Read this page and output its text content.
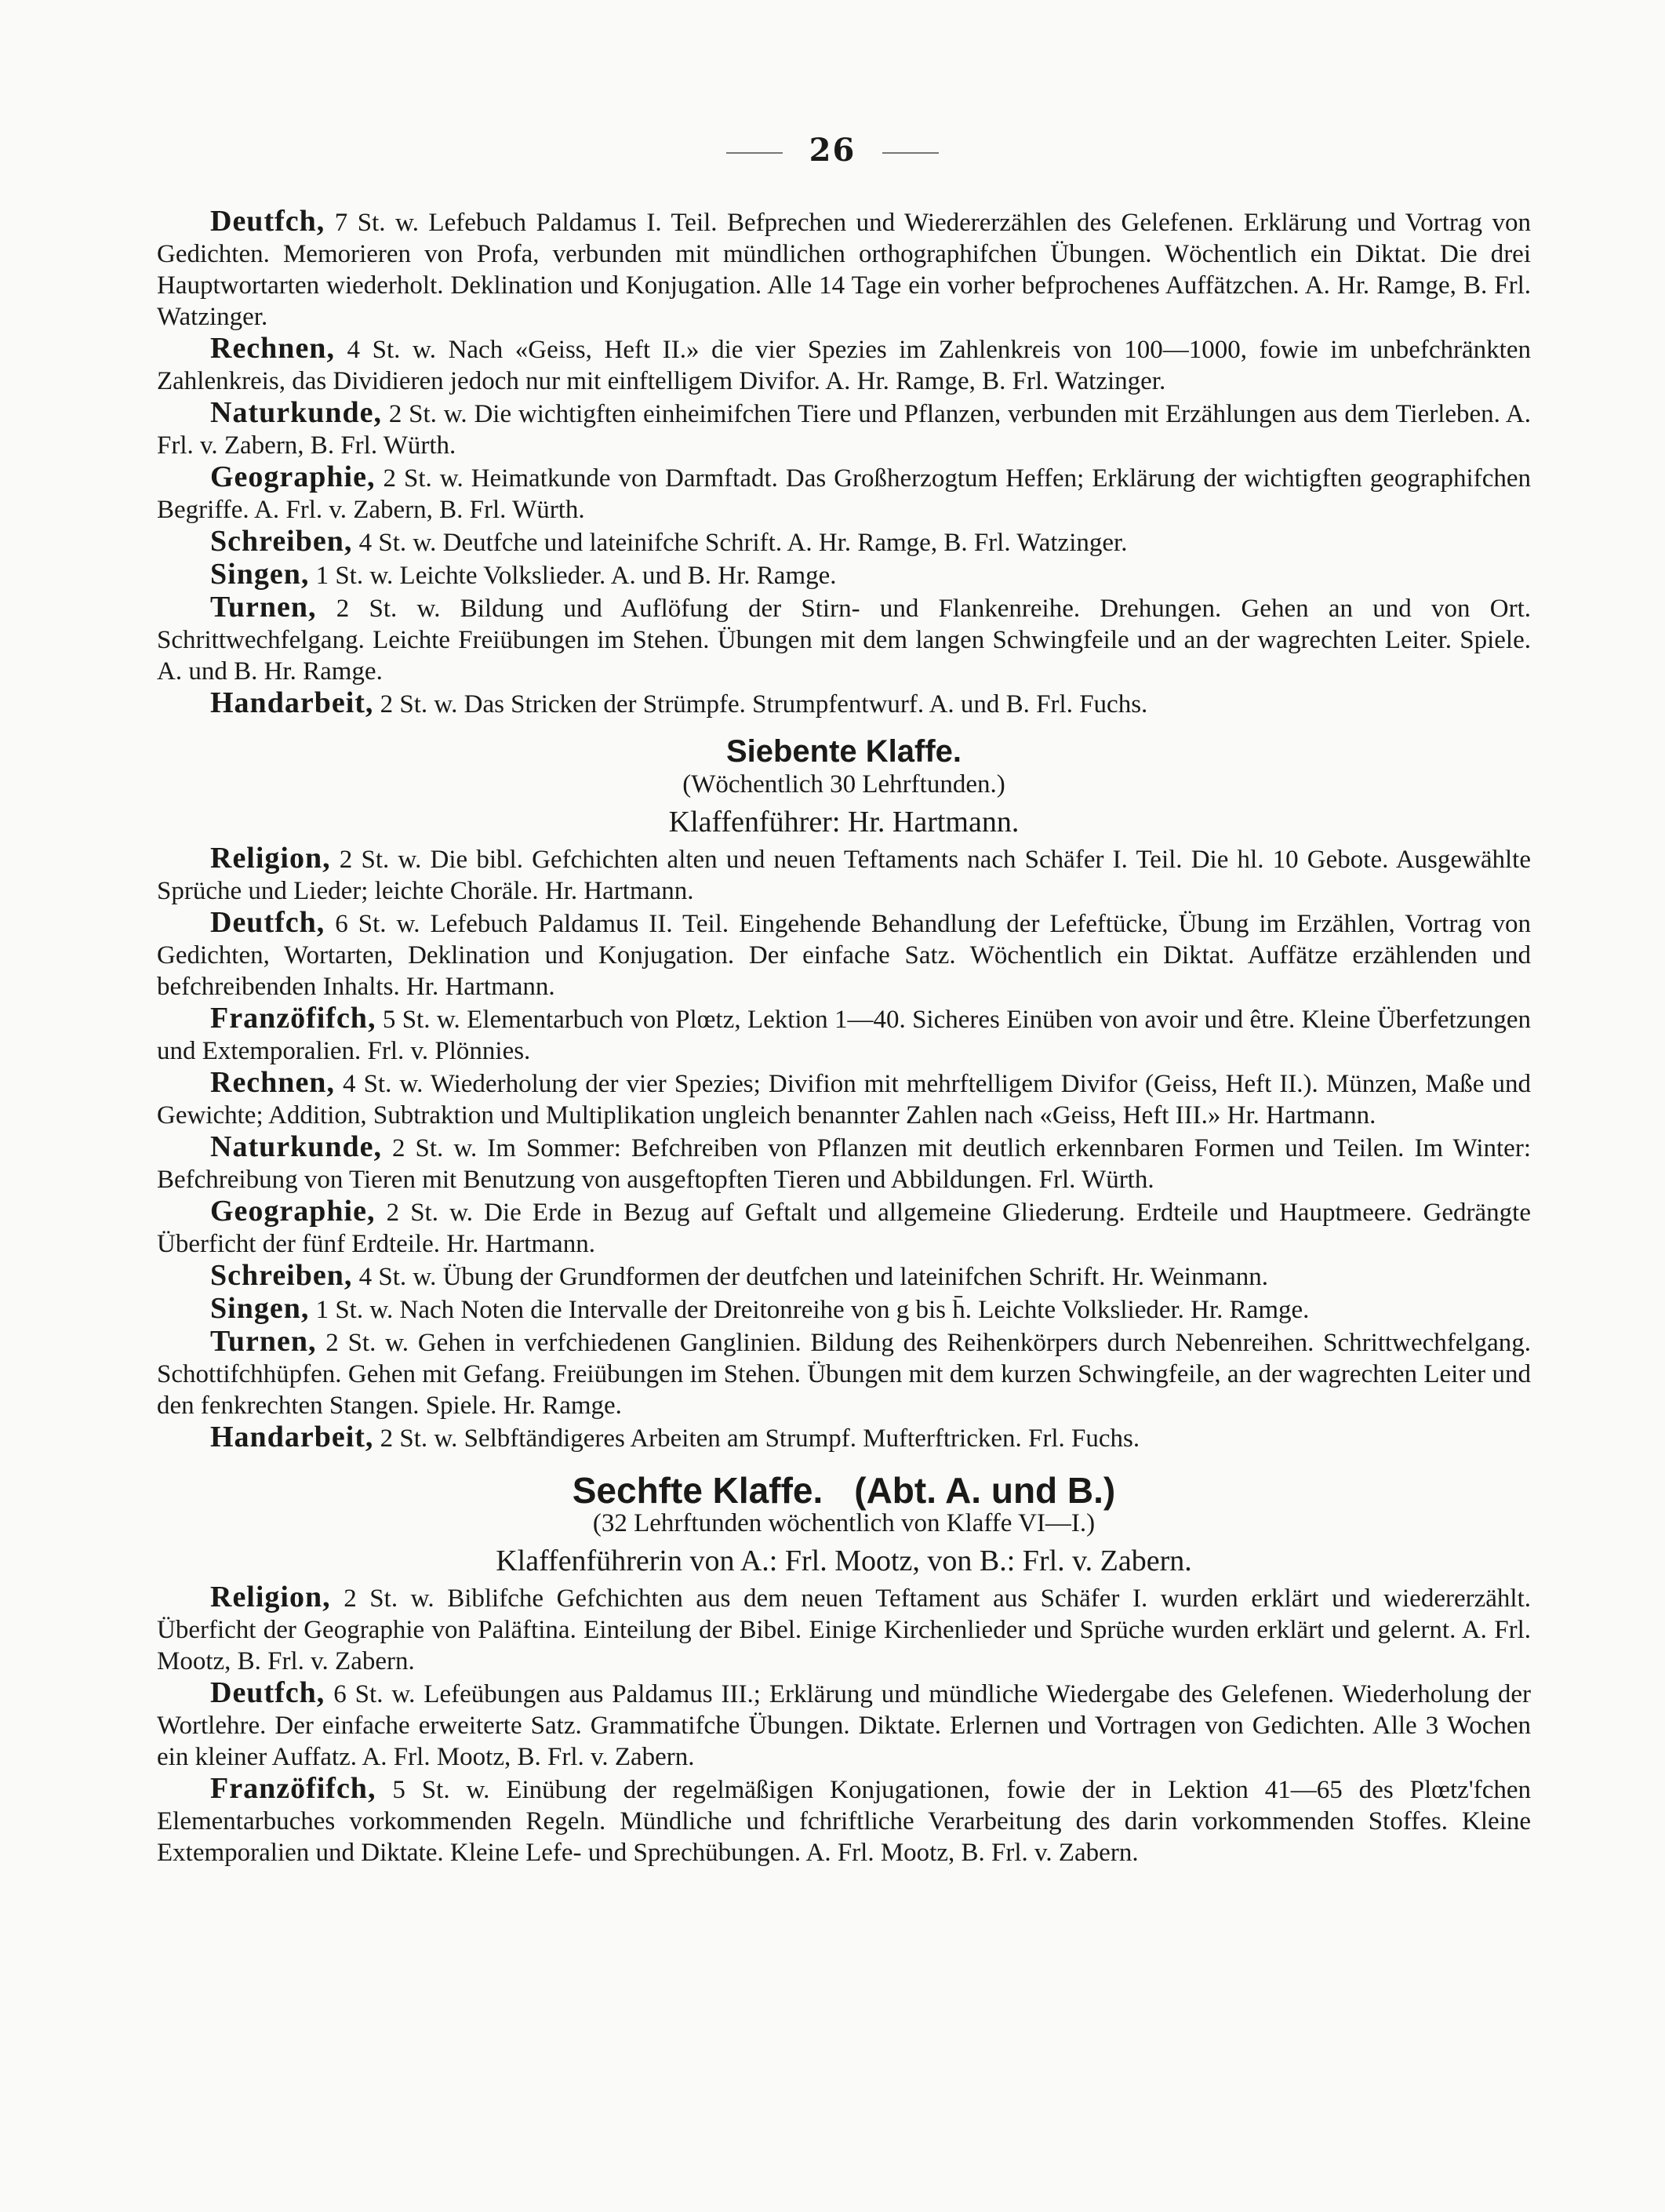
26

Deutfch, 7 St. w. Lefebuch Paldamus I. Teil. Befprechen und Wiedererzählen des Gelefenen. Erklärung und Vortrag von Gedichten. Memorieren von Profa, verbunden mit mündlichen orthographifchen Übungen. Wöchentlich ein Diktat. Die drei Hauptwortarten wiederholt. Deklination und Konjugation. Alle 14 Tage ein vorher befprochenes Auffätzchen. A. Hr. Ramge, B. Frl. Watzinger.

Rechnen, 4 St. w. Nach «Geiss, Heft II.» die vier Spezies im Zahlenkreis von 100—1000, fowie im unbefchränkten Zahlenkreis, das Dividieren jedoch nur mit einftelligem Divifor. A. Hr. Ramge, B. Frl. Watzinger.

Naturkunde, 2 St. w. Die wichtigften einheimifchen Tiere und Pflanzen, verbunden mit Erzählungen aus dem Tierleben. A. Frl. v. Zabern, B. Frl. Würth.

Geographie, 2 St. w. Heimatkunde von Darmftadt. Das Großherzogtum Heffen; Erklärung der wichtigften geographifchen Begriffe. A. Frl. v. Zabern, B. Frl. Würth.

Schreiben, 4 St. w. Deutfche und lateinifche Schrift. A. Hr. Ramge, B. Frl. Watzinger.

Singen, 1 St. w. Leichte Volkslieder. A. und B. Hr. Ramge.

Turnen, 2 St. w. Bildung und Auflöfung der Stirn- und Flankenreihe. Drehungen. Gehen an und von Ort. Schrittwechfelgang. Leichte Freiübungen im Stehen. Übungen mit dem langen Schwingfeile und an der wagrechten Leiter. Spiele. A. und B. Hr. Ramge.

Handarbeit, 2 St. w. Das Stricken der Strümpfe. Strumpfentwurf. A. und B. Frl. Fuchs.

Siebente Klaffe.

(Wöchentlich 30 Lehrftunden.)

Klaffenführer: Hr. Hartmann.

Religion, 2 St. w. Die bibl. Gefchichten alten und neuen Teftaments nach Schäfer I. Teil. Die hl. 10 Gebote. Ausgewählte Sprüche und Lieder; leichte Choräle. Hr. Hartmann.

Deutfch, 6 St. w. Lefebuch Paldamus II. Teil. Eingehende Behandlung der Lefeftücke, Übung im Erzählen, Vortrag von Gedichten, Wortarten, Deklination und Konjugation. Der einfache Satz. Wöchentlich ein Diktat. Auffätze erzählenden und befchreibenden Inhalts. Hr. Hartmann.

Franzöfifch, 5 St. w. Elementarbuch von Plœtz, Lektion 1—40. Sicheres Einüben von avoir und être. Kleine Überfetzungen und Extemporalien. Frl. v. Plönnies.

Rechnen, 4 St. w. Wiederholung der vier Spezies; Divifion mit mehrftelligem Divifor (Geiss, Heft II.). Münzen, Maße und Gewichte; Addition, Subtraktion und Multiplikation ungleich benannter Zahlen nach «Geiss, Heft III.» Hr. Hartmann.

Naturkunde, 2 St. w. Im Sommer: Befchreiben von Pflanzen mit deutlich erkennbaren Formen und Teilen. Im Winter: Befchreibung von Tieren mit Benutzung von ausgeftopften Tieren und Abbildungen. Frl. Würth.

Geographie, 2 St. w. Die Erde in Bezug auf Geftalt und allgemeine Gliederung. Erdteile und Hauptmeere. Gedrängte Überficht der fünf Erdteile. Hr. Hartmann.

Schreiben, 4 St. w. Übung der Grundformen der deutfchen und lateinifchen Schrift. Hr. Weinmann.

Singen, 1 St. w. Nach Noten die Intervalle der Dreitonreihe von g bis h̄. Leichte Volkslieder. Hr. Ramge.

Turnen, 2 St. w. Gehen in verfchiedenen Ganglinien. Bildung des Reihenkörpers durch Nebenreihen. Schrittwechfelgang. Schottifchhüpfen. Gehen mit Gefang. Freiübungen im Stehen. Übungen mit dem kurzen Schwingfeile, an der wagrechten Leiter und den fenkrechten Stangen. Spiele. Hr. Ramge.

Handarbeit, 2 St. w. Selbftändigeres Arbeiten am Strumpf. Mufterftricken. Frl. Fuchs.

Sechfte Klaffe. (Abt. A. und B.)

(32 Lehrftunden wöchentlich von Klaffe VI—I.)

Klaffenführerin von A.: Frl. Mootz, von B.: Frl. v. Zabern.

Religion, 2 St. w. Biblifche Gefchichten aus dem neuen Teftament aus Schäfer I. wurden erklärt und wiedererzählt. Überficht der Geographie von Paläftina. Einteilung der Bibel. Einige Kirchenlieder und Sprüche wurden erklärt und gelernt. A. Frl. Mootz, B. Frl. v. Zabern.

Deutfch, 6 St. w. Lefeübungen aus Paldamus III.; Erklärung und mündliche Wiedergabe des Gelefenen. Wiederholung der Wortlehre. Der einfache erweiterte Satz. Grammatifche Übungen. Diktate. Erlernen und Vortragen von Gedichten. Alle 3 Wochen ein kleiner Auffatz. A. Frl. Mootz, B. Frl. v. Zabern.

Franzöfifch, 5 St. w. Einübung der regelmäßigen Konjugationen, fowie der in Lektion 41—65 des Plœtz'fchen Elementarbuches vorkommenden Regeln. Mündliche und fchriftliche Verarbeitung des darin vorkommenden Stoffes. Kleine Extemporalien und Diktate. Kleine Lefe- und Sprechübungen. A. Frl. Mootz, B. Frl. v. Zabern.
